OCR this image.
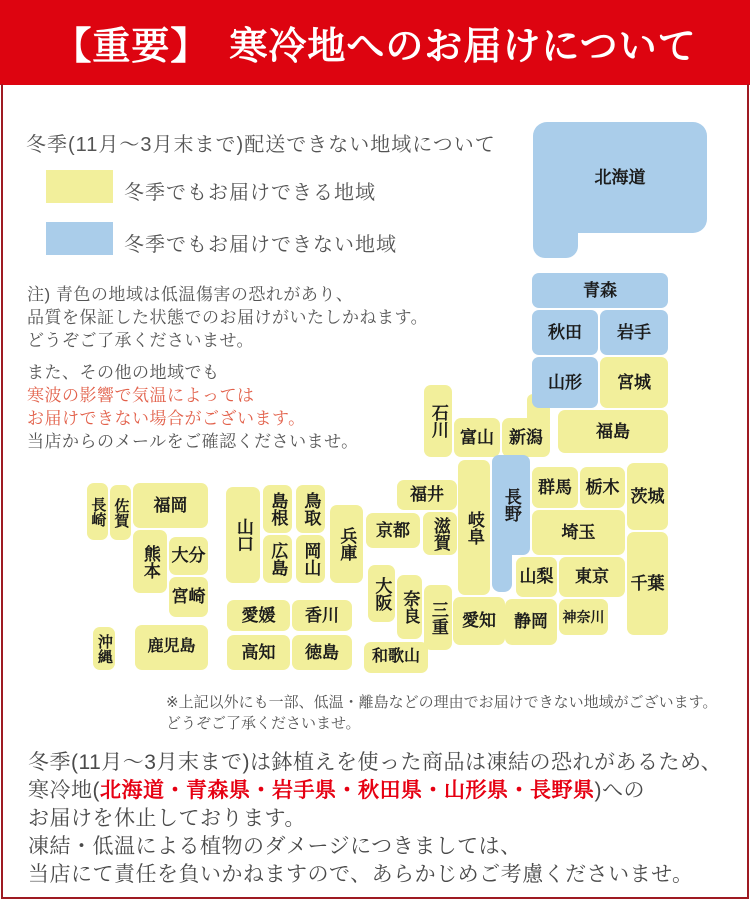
【重要】　寒冷地へのお届けについて
冬季(11月～3月末まで)配送できない地域について
冬季でもお届けできる地域
冬季でもお届けできない地域
注) 青色の地域は低温傷害の恐れがあり、
品質を保証した状態でのお届けがいたしかねます。
どうぞご了承くださいませ。
また、その他の地域でも
寒波の影響で気温によっては
お届けできない場合がございます。
当店からのメールをご確認くださいませ。
北海道
青森
秋田	岩手
山形	宮城
石川 富山 新潟	福島
群馬 栃木 茨城
埼玉
山梨	東京	千葉
神奈川
静岡
長野
岐阜
福井
滋賀
京都
愛知
三重
奈良
大阪
和歌山
兵庫
鳥取
島根
岡山
広島
山口
福岡
佐賀
長崎
熊本 大分
宮崎
鹿児島
沖縄
愛媛	香川
高知	徳島
※上記以外にも一部、低温・離島などの理由でお届けできない地域がございます。
どうぞご了承くださいませ。
冬季(11月～3月末まで)は鉢植えを使った商品は凍結の恐れがあるため、
寒冷地(北海道・青森県・岩手県・秋田県・山形県・長野県)への
お届けを休止しております。
凍結・低温による植物のダメージにつきましては、
当店にて責任を負いかねますので、あらかじめご考慮くださいませ。
